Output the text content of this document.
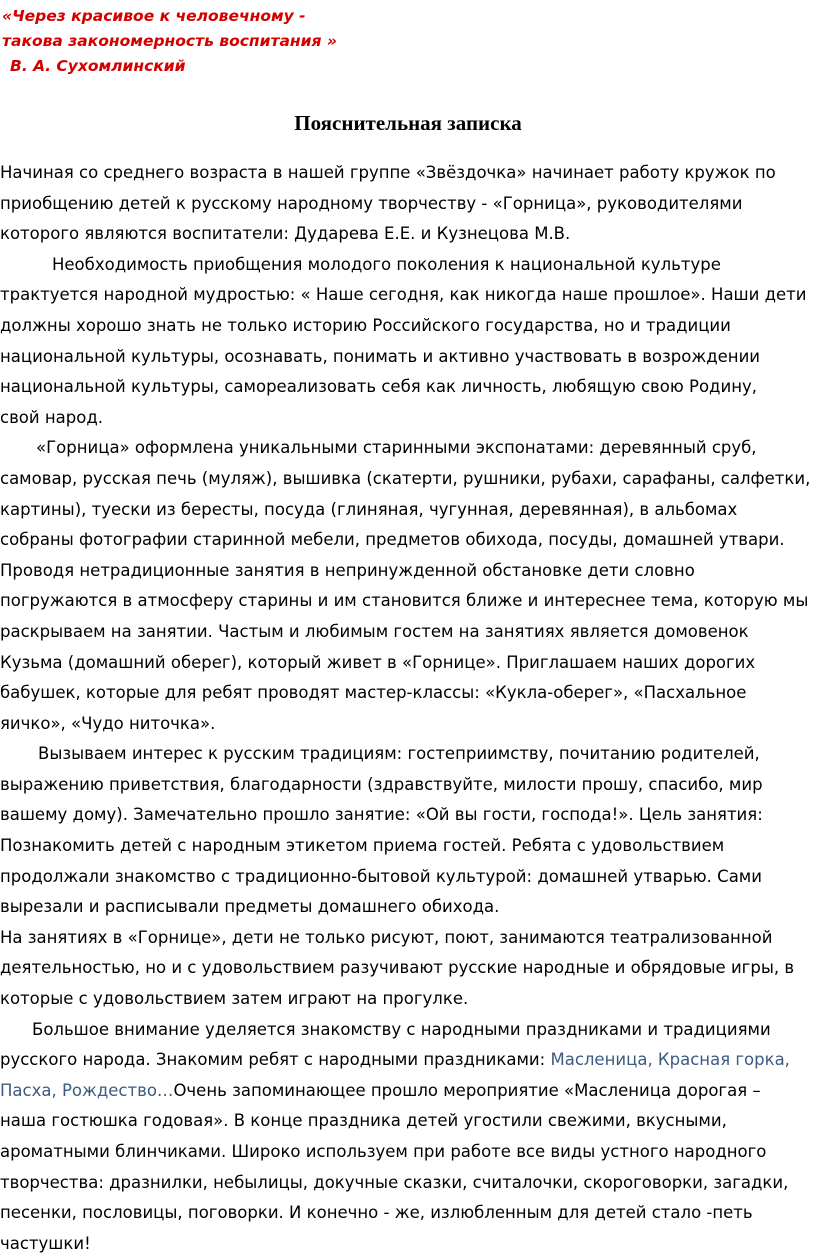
«Через красивое к человечному -
такова закономерность воспитания »
В. А. Сухомлинский
Пояснительная записка
Начиная со среднего возраста в нашей группе «Звёздочка» начинает работу кружок по
приобщению детей к русскому народному творчеству - «Горница», руководителями
которого являются воспитатели: Дударева Е.Е. и Кузнецова М.В.
Необходимость приобщения молодого поколения к национальной культуре
трактуется народной мудростью: « Наше сегодня, как никогда наше прошлое». Наши дети
должны хорошо знать не только историю Российского государства, но и традиции
национальной культуры, осознавать, понимать и активно участвовать в возрождении
национальной культуры, самореализовать себя как личность, любящую свою Родину,
свой народ.
«Горница» оформлена уникальными старинными экспонатами: деревянный сруб,
самовар, русская печь (муляж), вышивка (скатерти, рушники, рубахи, сарафаны, салфетки,
картины), туески из бересты, посуда (глиняная, чугунная, деревянная), в альбомах
собраны фотографии старинной мебели, предметов обихода, посуды, домашней утвари.
Проводя нетрадиционные занятия в непринужденной обстановке дети словно
погружаются в атмосферу старины и им становится ближе и интереснее тема, которую мы
раскрываем на занятии. Частым и любимым гостем на занятиях является домовенок
Кузьма (домашний оберег), который живет в «Горнице». Приглашаем наших дорогих
бабушек, которые для ребят проводят мастер-классы: «Кукла-оберег», «Пасхальное
яичко», «Чудо ниточка».
Вызываем интерес к русским традициям: гостеприимству, почитанию родителей,
выражению приветствия, благодарности (здравствуйте, милости прошу, спасибо, мир
вашему дому). Замечательно прошло занятие: «Ой вы гости, господа!». Цель занятия:
Познакомить детей с народным этикетом приема гостей. Ребята с удовольствием
продолжали знакомство с традиционно-бытовой культурой: домашней утварью. Сами
вырезали и расписывали предметы домашнего обихода.
На занятиях в «Горнице», дети не только рисуют, поют, занимаются театрализованной
деятельностью, но и с удовольствием разучивают русские народные и обрядовые игры, в
которые с удовольствием затем играют на прогулке.
Большое внимание уделяется знакомству с народными праздниками и традициями
русского народа. Знакомим ребят с народными праздниками: Масленица, Красная горка,
Пасха, Рождество…Очень запоминающее прошло мероприятие «Масленица дорогая –
наша гостюшка годовая». В конце праздника детей угостили свежими, вкусными,
ароматными блинчиками. Широко используем при работе все виды устного народного
творчества: дразнилки, небылицы, докучные сказки, считалочки, скороговорки, загадки,
песенки, пословицы, поговорки. И конечно - же, излюбленным для детей стало -петь
частушки!
